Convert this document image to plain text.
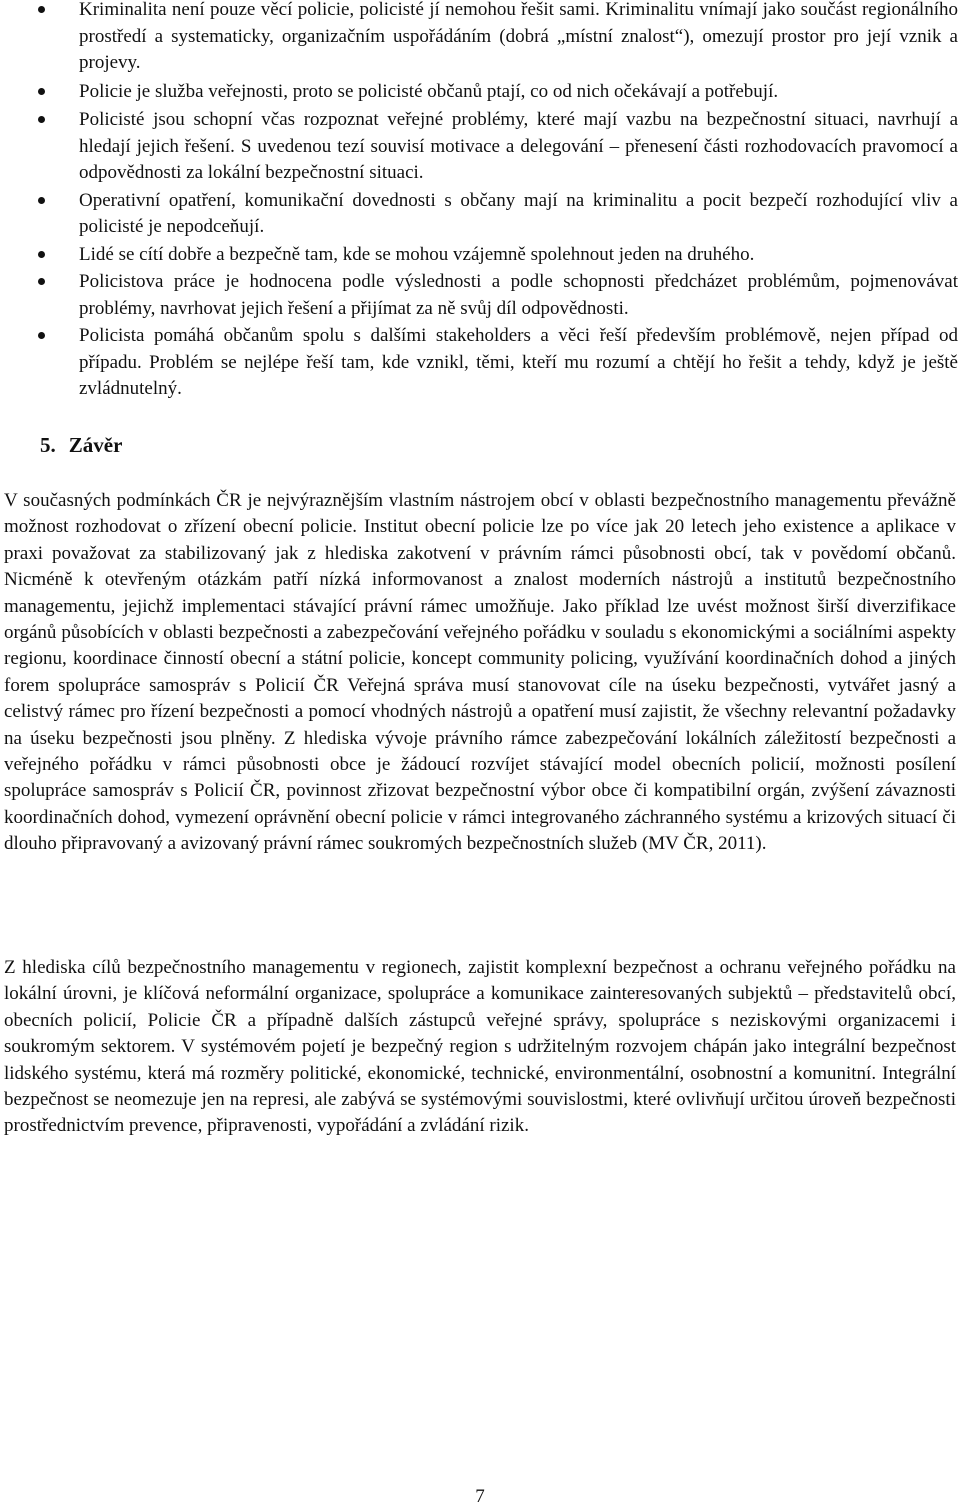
Kriminalita není pouze věcí policie, policisté jí nemohou řešit sami. Kriminalitu vnímají jako součást regionálního prostředí a systematicky, organizačním uspořádáním (dobrá „místní znalost“), omezují prostor pro její vznik a projevy.
Policie je služba veřejnosti, proto se policisté občanů ptají, co od nich očekávají a potřebují.
Policisté jsou schopní včas rozpoznat veřejné problémy, které mají vazbu na bezpečnostní situaci, navrhují a hledají jejich řešení. S uvedenou tezí souvisí motivace a delegování – přenesení části rozhodovacích pravomocí a odpovědnosti za lokální bezpečnostní situaci.
Operativní opatření, komunikační dovednosti s občany mají na kriminalitu a pocit bezpečí rozhodující vliv a policisté je nepodceňují.
Lidé se cítí dobře a bezpečně tam, kde se mohou vzájemně spolehnout jeden na druhého.
Policistova práce je hodnocena podle výslednosti a podle schopnosti předcházet problémům, pojmenovávat problémy, navrhovat jejich řešení a přijímat za ně svůj díl odpovědnosti.
Policista pomáhá občanům spolu s dalšími stakeholders a věci řeší především problémově, nejen případ od případu. Problém se nejlépe řeší tam, kde vznikl, těmi, kteří mu rozumí a chtějí ho řešit a tehdy, když je ještě zvládnutelný.
5. Závěr

V současných podmínkách ČR je nejvýraznějším vlastním nástrojem obcí v oblasti bezpečnostního managementu převážně možnost rozhodovat o zřízení obecní policie. Institut obecní policie lze po více jak 20 letech jeho existence a aplikace v praxi považovat za stabilizovaný jak z hlediska zakotvení v právním rámci působnosti obcí, tak v povědomí občanů. Nicméně k otevřeným otázkám patří nízká informovanost a znalost moderních nástrojů a institutů bezpečnostního managementu, jejichž implementaci stávající právní rámec umožňuje. Jako příklad lze uvést možnost širší diverzifikace orgánů působících v oblasti bezpečnosti a zabezpečování veřejného pořádku v souladu s ekonomickými a sociálními aspekty regionu, koordinace činností obecní a státní policie, koncept community policing, využívání koordinačních dohod a jiných forem spolupráce samospráv s Policií ČR Veřejná správa musí stanovovat cíle na úseku bezpečnosti, vytvářet jasný a celistvý rámec pro řízení bezpečnosti a pomocí vhodných nástrojů a opatření musí zajistit, že všechny relevantní požadavky na úseku bezpečnosti jsou plněny. Z hlediska vývoje právního rámce zabezpečování lokálních záležitostí bezpečnosti a veřejného pořádku v rámci působnosti obce je žádoucí rozvíjet stávající model obecních policií, možnosti posílení spolupráce samospráv s Policií ČR, povinnost zřizovat bezpečnostní výbor obce či kompatibilní orgán, zvýšení závaznosti koordinačních dohod, vymezení oprávnění obecní policie v rámci integrovaného záchranného systému a krizových situací či dlouho připravovaný a avizovaný právní rámec soukromých bezpečnostních služeb (MV ČR, 2011).

Z hlediska cílů bezpečnostního managementu v regionech, zajistit komplexní bezpečnost a ochranu veřejného pořádku na lokální úrovni, je klíčová neformální organizace, spolupráce a komunikace zainteresovaných subjektů – představitelů obcí, obecních policií, Policie ČR a případně dalších zástupců veřejné správy, spolupráce s neziskovými organizacemi i soukromým sektorem. V systémovém pojetí je bezpečný region s udržitelným rozvojem chápán jako integrální bezpečnost lidského systému, která má rozměry politické, ekonomické, technické, environmentální, osobnostní a komunitní. Integrální bezpečnost se neomezuje jen na represi, ale zabývá se systémovými souvislostmi, které ovlivňují určitou úroveň bezpečnosti prostřednictvím prevence, připravenosti, vypořádání a zvládání rizik.

7
